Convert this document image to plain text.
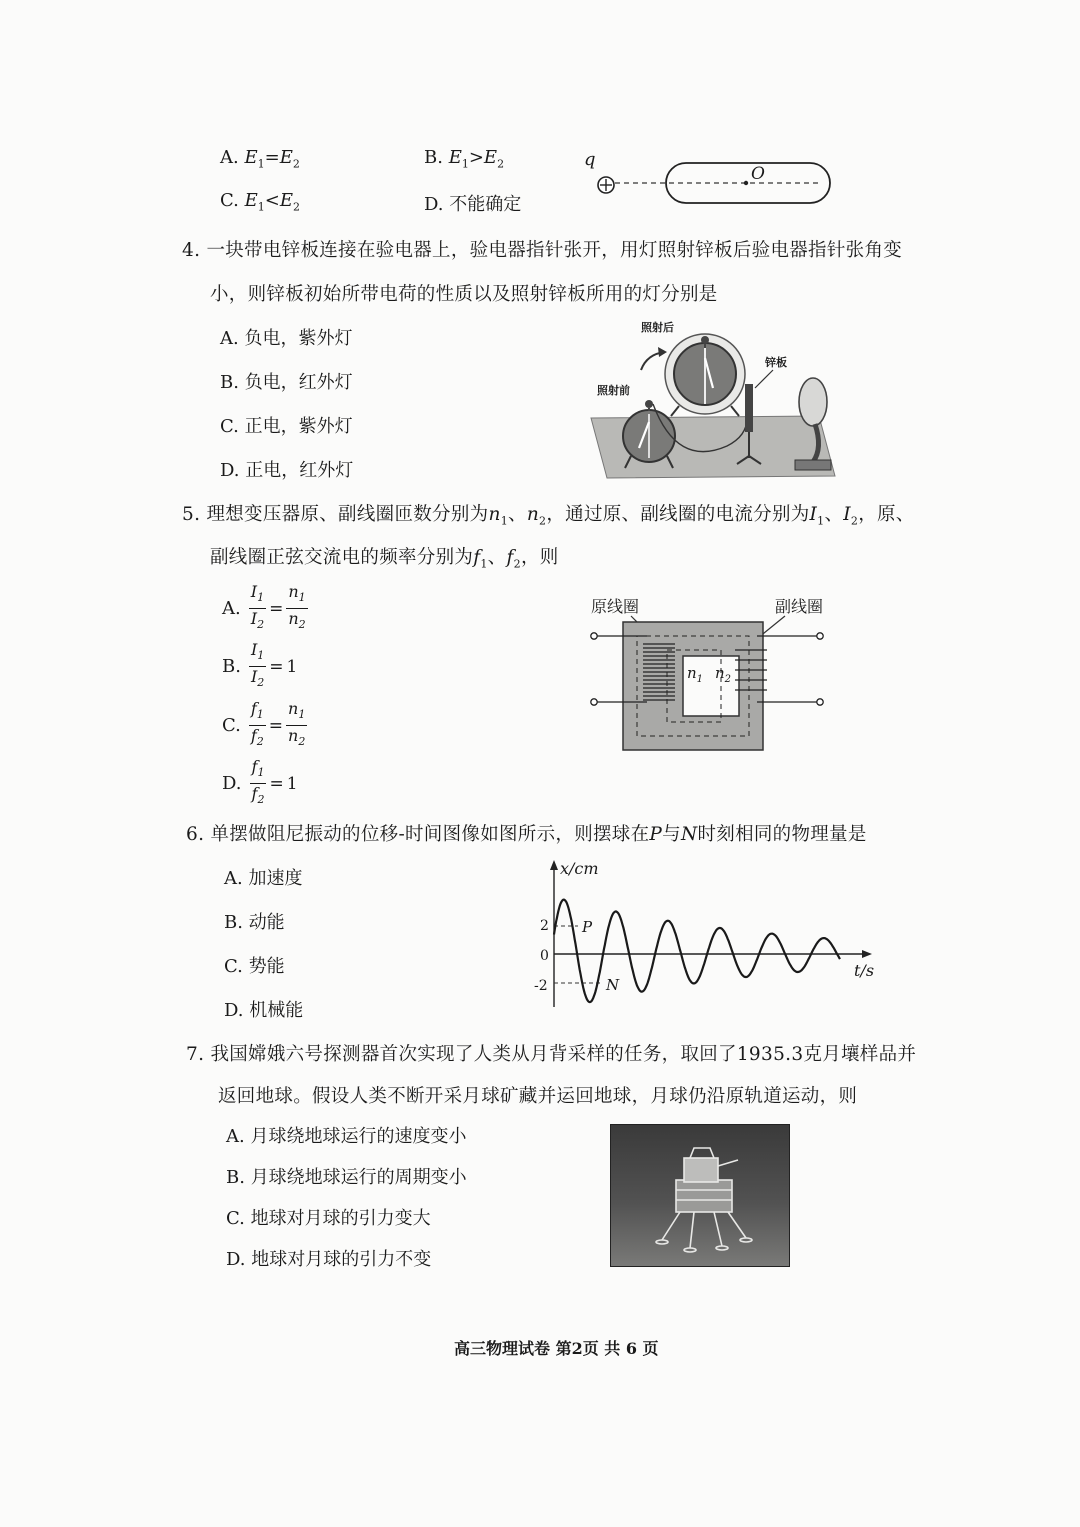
A. $E_1=E_2$	B. $E_1>E_2$
C. $E_1<E_2$	D. 不能确定
q
O
4. 一块带电锌板连接在验电器上，验电器指针张开，用灯照射锌板后验电器指针张角变
小，则锌板初始所带电荷的性质以及照射锌板所用的灯分别是
A. 负电，紫外灯
B. 负电，红外灯
C. 正电，紫外灯
D. 正电，红外灯
照射后
照射前
锌板
5. 理想变压器原、副线圈匝数分别为$n_1$、$n_2$，通过原、副线圈的电流分别为$I_1$、$I_2$，原、
副线圈正弦交流电的频率分别为$f_1$、$f_2$，则
A. $\frac{I_1}{I_2} = \frac{n_1}{n_2}$
B. $\frac{I_1}{I_2} = 1$
C. $\frac{f_1}{f_2} = \frac{n_1}{n_2}$
D. $\frac{f_1}{f_2} = 1$
原线圈	副线圈
$n_1$ $n_2$
6. 单摆做阻尼振动的位移-时间图像如图所示，则摆球在P与N时刻相同的物理量是
A. 加速度
B. 动能
C. 势能
D. 机械能
x/cm
t/s
2
0
-2
P
N
7. 我国嫦娥六号探测器首次实现了人类从月背采样的任务，取回了1935.3克月壤样品并
返回地球。假设人类不断开采月球矿藏并运回地球，月球仍沿原轨道运动，则
A. 月球绕地球运行的速度变小
B. 月球绕地球运行的周期变小
C. 地球对月球的引力变大
D. 地球对月球的引力不变
高三物理试卷 第2页 共 6 页
